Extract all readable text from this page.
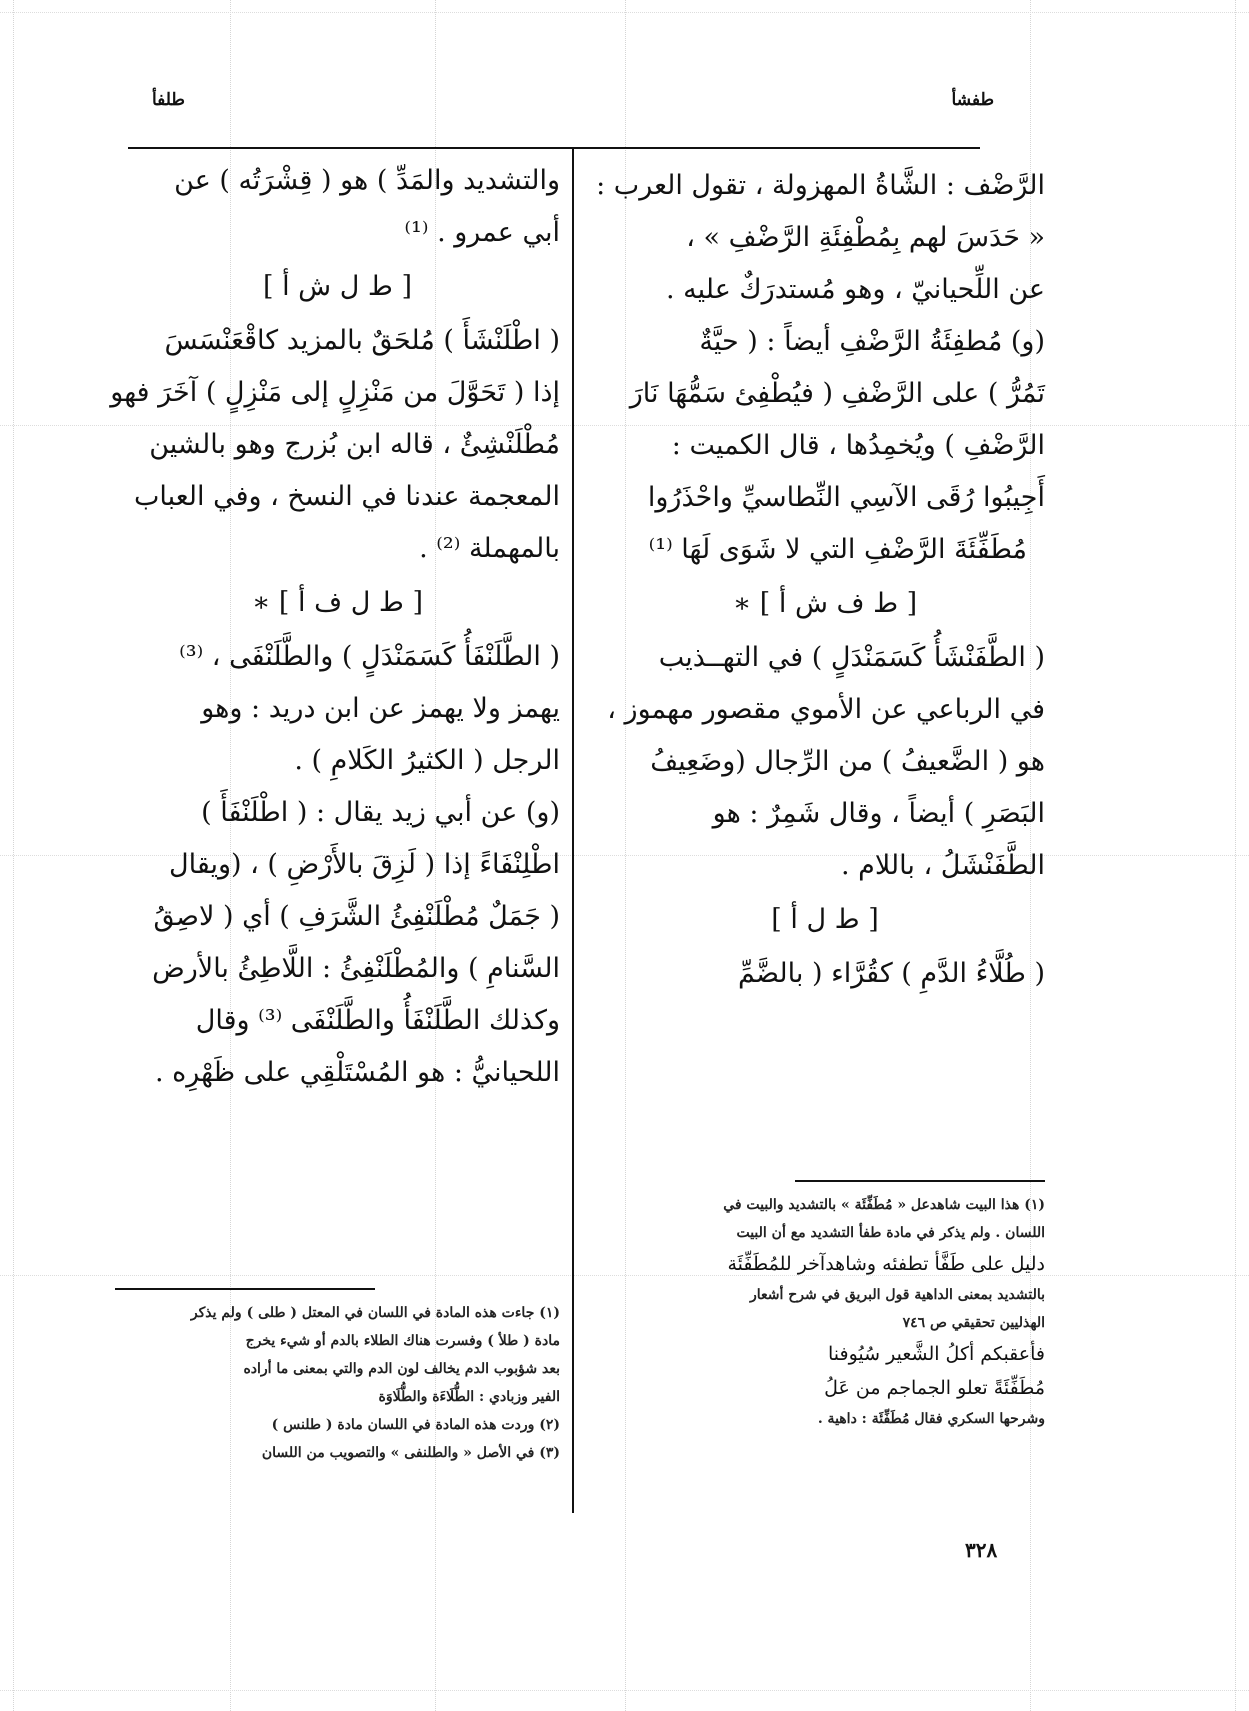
طفشأ
طلفأ
الرَّضْف : الشَّاةُ المهزولة ، تقول العرب :
« حَدَسَ لهم بِمُطْفِئَةِ الرَّضْفِ » ،
عن اللِّحيانيّ ، وهو مُستدرَكٌ عليه .
(و) مُطفِئَةُ الرَّضْفِ أيضاً : ( حيَّةٌ
تَمُرُّ ) على الرَّضْفِ ( فيُطْفِئ سَمُّهَا نَارَ
الرَّضْفِ ) ويُخمِدُها ، قال الكميت :
أَجِيبُوا رُقَى الآسِي النِّطاسيِّ واحْذَرُوا
مُطَفِّئَةَ الرَّضْفِ التي لا شَوَى لَهَا ⁽¹⁾
[ ط ف ش أ ] ∗
( الطَّفَنْشَأُ كَسَمَنْدَلٍ ) في التهــذيب
في الرباعي عن الأموي مقصور مهموز ،
هو ( الضَّعيفُ ) من الرِّجال (وضَعِيفُ
البَصَرِ ) أيضاً ، وقال شَمِرٌ : هو
الطَّفَنْشَلُ ، باللام .
[ ط ل أ ]
( طُلَّاءُ الدَّمِ ) كقُرَّاء ( بالضَّمِّ
والتشديد والمَدِّ ) هو ( قِشْرَتُه ) عن
أبي عمرو . ⁽¹⁾
[ ط ل ش أ ]
( اطْلَنْشَأَ ) مُلحَقٌ بالمزيد كاقْعَنْسَسَ
إذا ( تَحَوَّلَ من مَنْزِلٍ إلى مَنْزِلٍ ) آخَرَ فهو
مُطْلَنْشِئٌ ، قاله ابن بُزرج وهو بالشين
المعجمة عندنا في النسخ ، وفي العباب
بالمهملة ⁽²⁾ .
[ ط ل ف أ ] ∗
( الطَّلَنْفَأُ كَسَمَنْدَلٍ ) والطَّلَنْفَى ، ⁽³⁾
يهمز ولا يهمز عن ابن دريد : وهو
الرجل ( الكثيرُ الكَلامِ ) .
(و) عن أبي زيد يقال : ( اطْلَنْفَأَ )
اطْلِنْفَاءً إذا ( لَزِقَ بالأَرْضِ ) ، (ويقال
( جَمَلٌ مُطْلَنْفِئُ الشَّرَفِ ) أي ( لاصِقُ
السَّنامِ ) والمُطْلَنْفِئُ : اللَّاطِئُ بالأرض
وكذلك الطَّلَنْفَأُ والطَّلَنْفَى ⁽³⁾ وقال
اللحيانيُّ : هو المُسْتَلْقِي على ظَهْرِه .
(١) هذا البيت شاهدعل « مُطَفِّئَة » بالتشديد والبيت في
اللسان . ولم يذكر في مادة طفأ التشديد مع أن البيت
دليل على طَفَّأ تطفئه وشاهدآخر للمُطَفِّئَة
بالتشديد بمعنى الداهية قول البريق في شرح أشعار
الهذليين تحقيقي ص ٧٤٦
فأعقبكم أكلُ الشَّعير سُيُوفنا
مُطَفِّئَةً تعلو الجماجم من عَلُ
وشرحها السكري فقال مُطَفِّئَة : داهية .
(١) جاءت هذه المادة في اللسان في المعتل ( طلى ) ولم يذكر
مادة ( طلأ ) وفسرت هناك الطلاء بالدم أو شيء يخرج
بعد شؤبوب الدم يخالف لون الدم والتي بمعنى ما أراده
الفير وزبادي : الطُّلَاءَة والطُّلَاوَة
(٢) وردت هذه المادة في اللسان مادة ( طلنس )
(٣) في الأصل « والطلنفى » والتصويب من اللسان
٣٢٨
